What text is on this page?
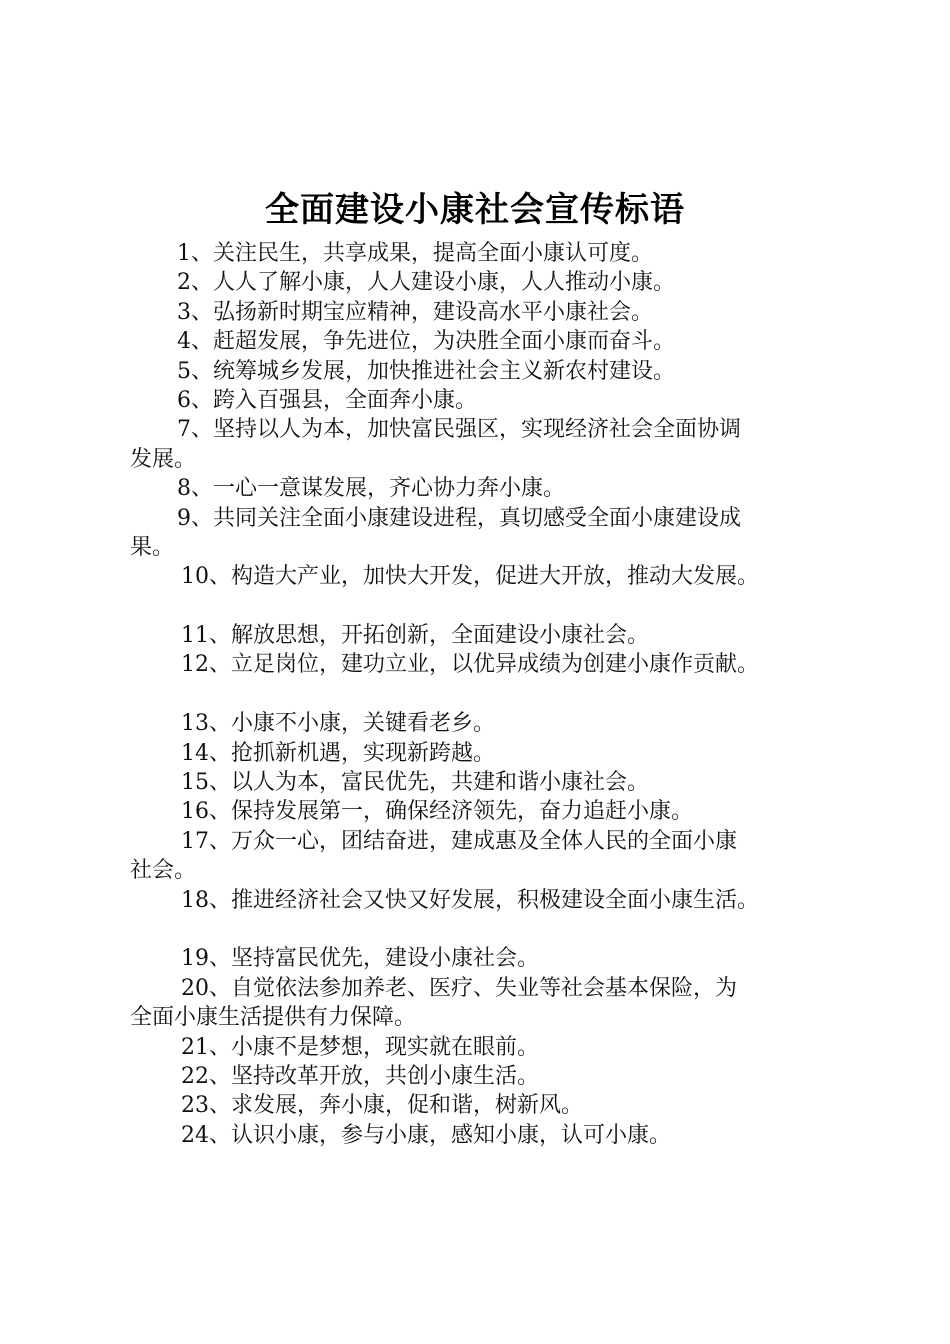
全面建设小康社会宣传标语
1、关注民生，共享成果，提高全面小康认可度。
2、人人了解小康，人人建设小康，人人推动小康。
3、弘扬新时期宝应精神，建设高水平小康社会。
4、赶超发展，争先进位，为决胜全面小康而奋斗。
5、统筹城乡发展，加快推进社会主义新农村建设。
6、跨入百强县，全面奔小康。
7、坚持以人为本，加快富民强区，实现经济社会全面协调
发展。
8、一心一意谋发展，齐心协力奔小康。
9、共同关注全面小康建设进程，真切感受全面小康建设成
果。
10、构造大产业，加快大开发，促进大开放，推动大发展。
11、解放思想，开拓创新，全面建设小康社会。
12、立足岗位，建功立业，以优异成绩为创建小康作贡献。
13、小康不小康，关键看老乡。
14、抢抓新机遇，实现新跨越。
15、以人为本，富民优先，共建和谐小康社会。
16、保持发展第一，确保经济领先，奋力追赶小康。
17、万众一心，团结奋进，建成惠及全体人民的全面小康
社会。
18、推进经济社会又快又好发展，积极建设全面小康生活。
19、坚持富民优先，建设小康社会。
20、自觉依法参加养老、医疗、失业等社会基本保险，为
全面小康生活提供有力保障。
21、小康不是梦想，现实就在眼前。
22、坚持改革开放，共创小康生活。
23、求发展，奔小康，促和谐，树新风。
24、认识小康，参与小康，感知小康，认可小康。
